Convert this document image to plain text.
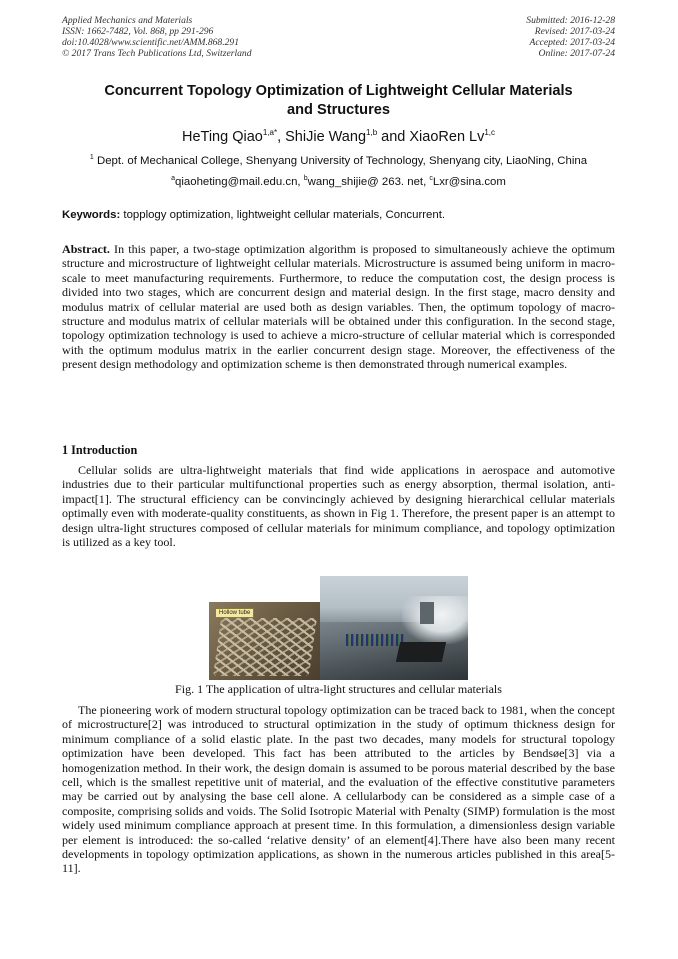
Applied Mechanics and Materials
ISSN: 1662-7482, Vol. 868, pp 291-296
doi:10.4028/www.scientific.net/AMM.868.291
© 2017 Trans Tech Publications Ltd, Switzerland
Submitted: 2016-12-28
Revised: 2017-03-24
Accepted: 2017-03-24
Online: 2017-07-24
Concurrent Topology Optimization of Lightweight Cellular Materials
and Structures
HeTing Qiao$^{1,a*}$, ShiJie Wang$^{1,b}$ and XiaoRen Lv$^{1,c}$
$^1$ Dept. of Mechanical College, Shenyang University of Technology, Shenyang city, LiaoNing, China
$^a$qiaoheting@mail.edu.cn, $^b$wang_shijie@ 263. net, $^c$Lxr@sina.com
Keywords: topplogy optimization, lightweight cellular materials, Concurrent.
Abstract. In this paper, a two-stage optimization algorithm is proposed to simultaneously achieve the optimum structure and microstructure of lightweight cellular materials. Microstructure is assumed being uniform in macro-scale to meet manufacturing requirements. Furthermore, to reduce the computation cost, the design process is divided into two stages, which are concurrent design and material design. In the first stage, macro density and modulus matrix of cellular material are used both as design variables. Then, the optimum topology of macro-structure and modulus matrix of cellular materials will be obtained under this configuration. In the second stage, topology optimization technology is used to achieve a micro-structure of cellular material which is corresponded with the optimum modulus matrix in the earlier concurrent design stage. Moreover, the effectiveness of the present design methodology and optimization scheme is then demonstrated through numerical examples.
1 Introduction
Cellular solids are ultra-lightweight materials that find wide applications in aerospace and automotive industries due to their particular multifunctional properties such as energy absorption, thermal isolation, anti-impact[1]. The structural efficiency can be convincingly achieved by designing hierarchical cellular materials optimally even with moderate-quality constituents, as shown in Fig 1. Therefore, the present paper is an attempt to design ultra-light structures composed of cellular materials for minimum compliance, and topology optimization is utilized as a key tool.
Hollow tube
Fig. 1 The application of ultra-light structures and cellular materials
The pioneering work of modern structural topology optimization can be traced back to 1981, when the concept of microstructure[2] was introduced to structural optimization in the study of optimum thickness design for minimum compliance of a solid elastic plate. In the past two decades, many models for structural topology optimization have been developed. This fact has been attributed to the articles by Bendsøe[3] via a homogenization method. In their work, the design domain is assumed to be porous material described by the base cell, which is the smallest repetitive unit of material, and the evaluation of the effective constitutive parameters may be carried out by analysing the base cell alone. A cellularbody can be considered as a simple case of a composite, comprising solids and voids. The Solid Isotropic Material with Penalty (SIMP) formulation is the most widely used minimum compliance approach at present time. In this formulation, a dimensionless design variable per element is introduced: the so-called ‘relative density’ of an element[4].There have also been many recent developments in topology optimization applications, as shown in the numerous articles published in this area[5-11].
